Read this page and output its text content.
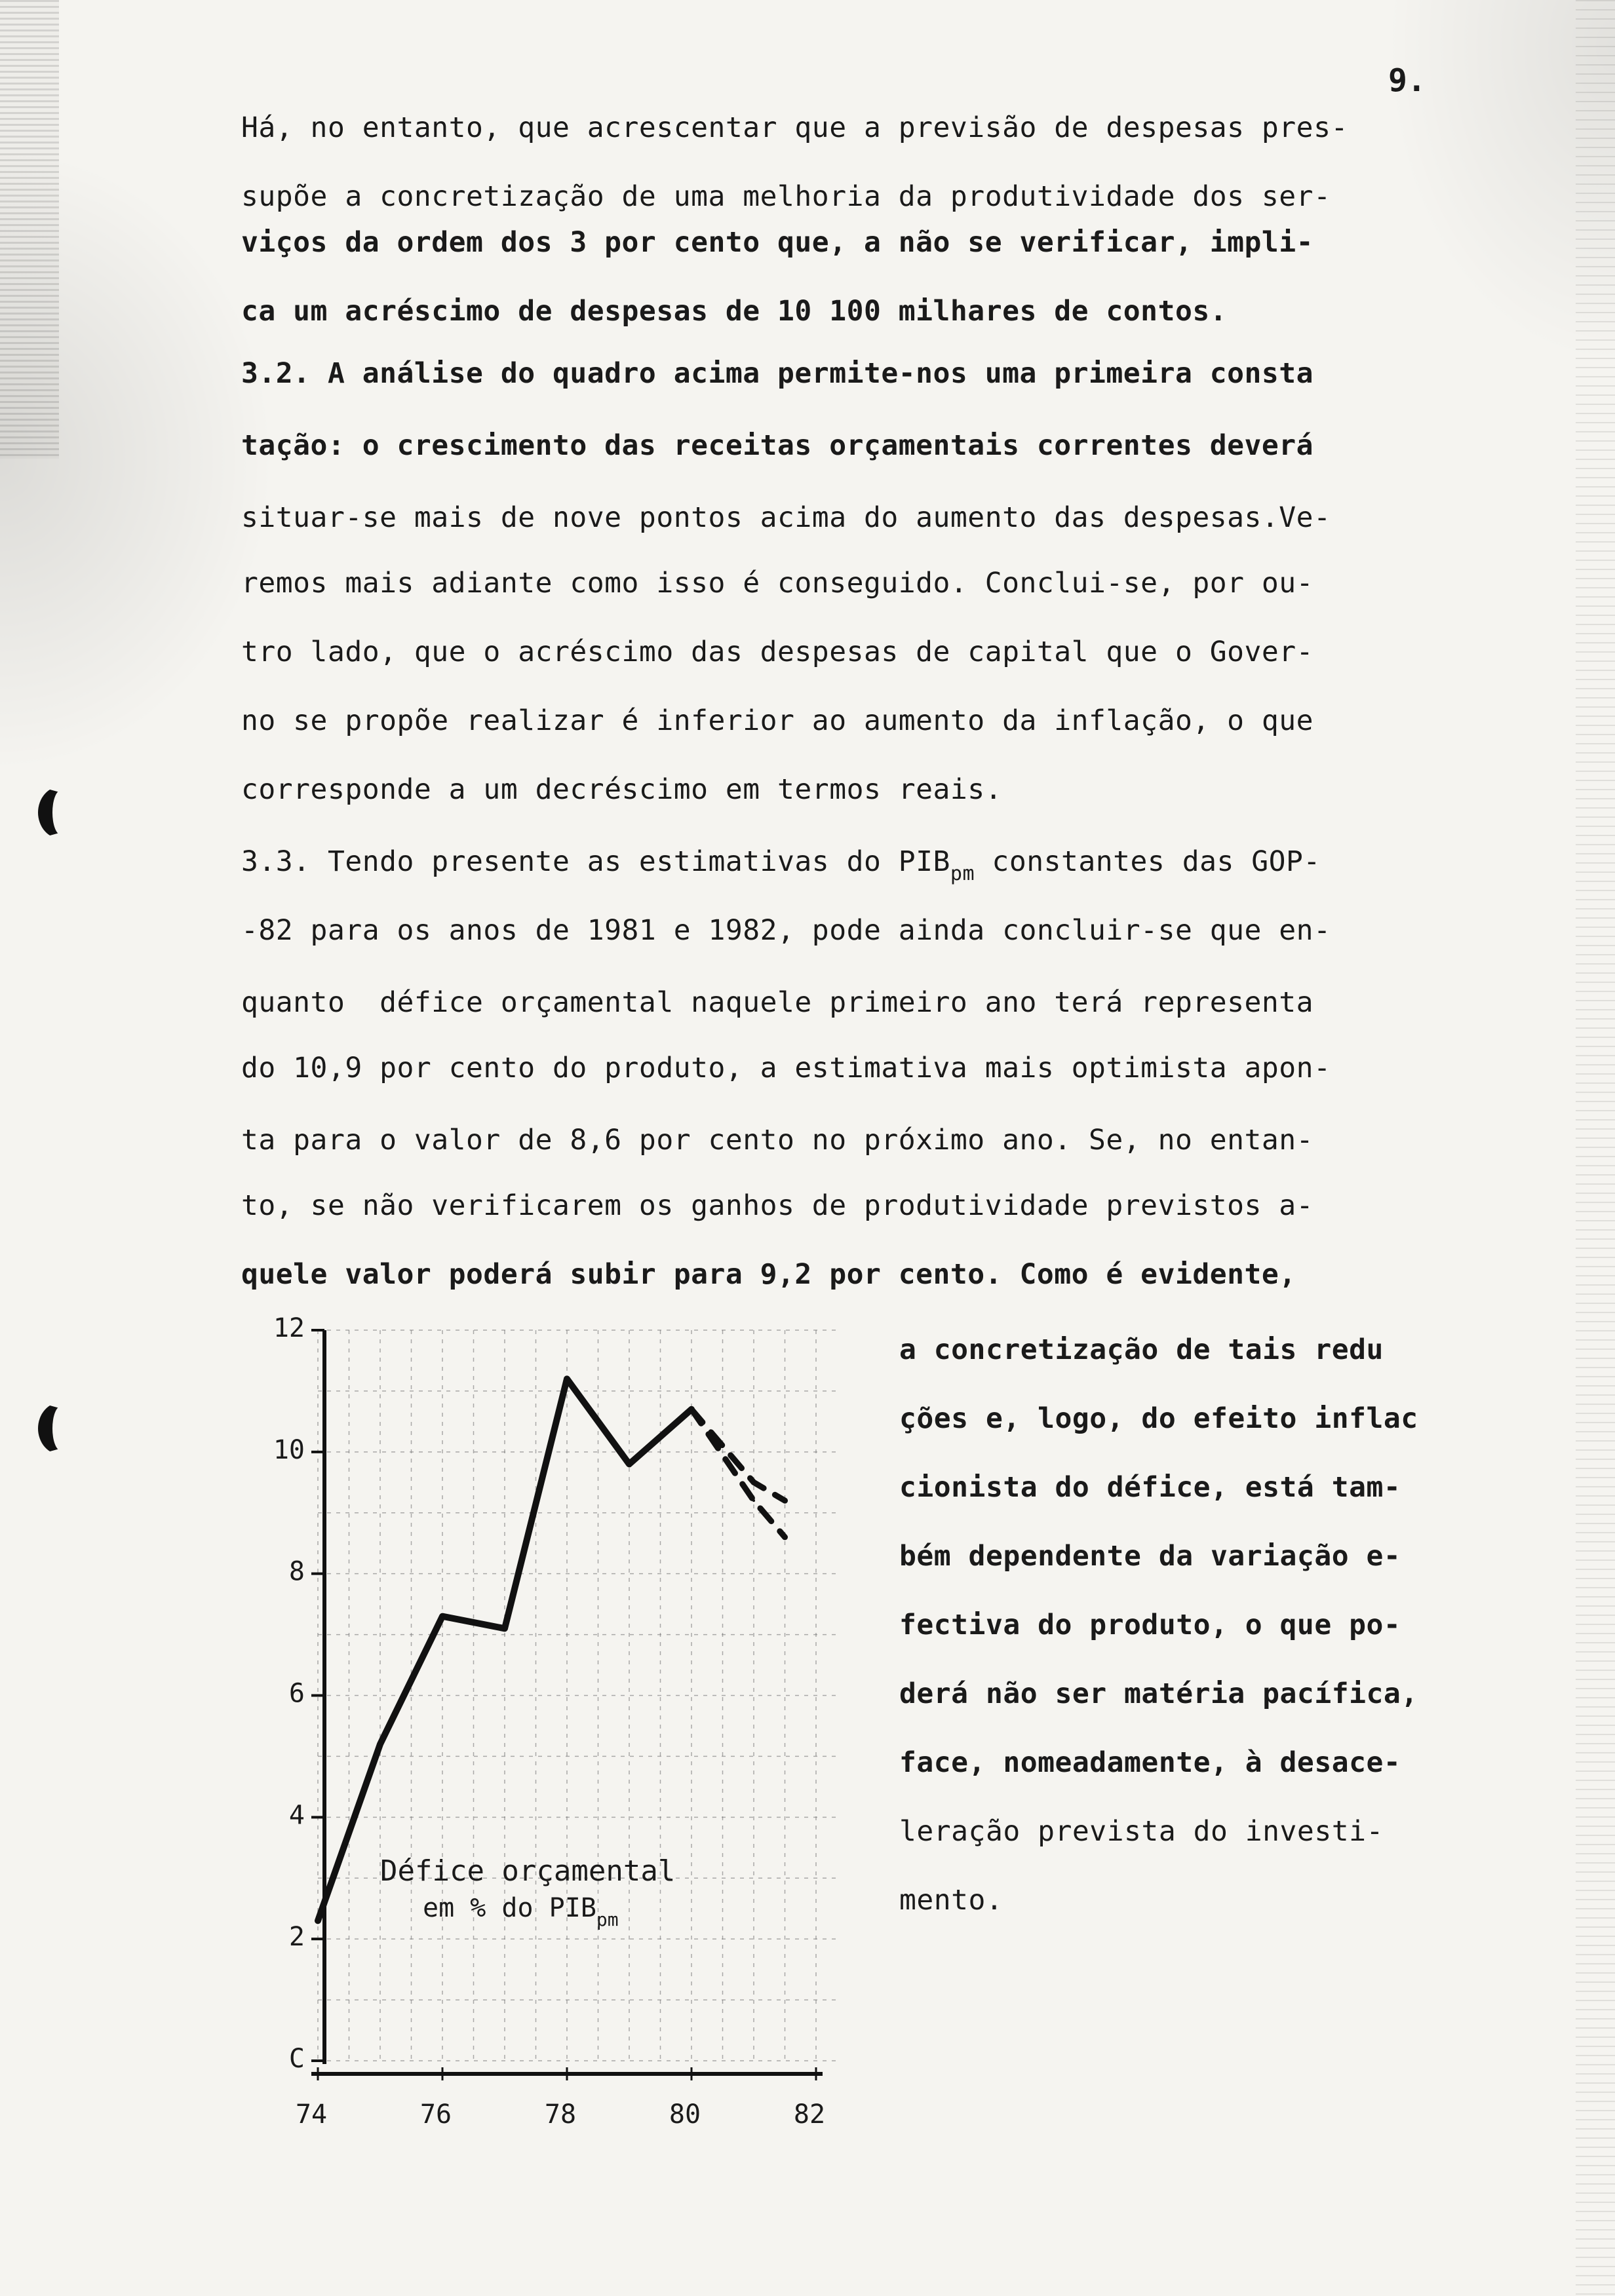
9.
Há, no entanto, que acrescentar que a previsão de despesas pres-
supõe a concretização de uma melhoria da produtividade dos ser-
viços da ordem dos 3 por cento que, a não se verificar, impli-
ca um acréscimo de despesas de 10 100 milhares de contos.
3.2. A análise do quadro acima permite-nos uma primeira consta
tação: o crescimento das receitas orçamentais correntes deverá
situar-se mais de nove pontos acima do aumento das despesas.Ve-
remos mais adiante como isso é conseguido. Conclui-se, por ou-
tro lado, que o acréscimo das despesas de capital que o Gover-
no se propõe realizar é inferior ao aumento da inflação, o que
corresponde a um decréscimo em termos reais.
3.3. Tendo presente as estimativas do $PIB_{pm}$ constantes das GOP-
-82 para os anos de 1981 e 1982, pode ainda concluir-se que en-
quanto  défice orçamental naquele primeiro ano terá representa
do 10,9 por cento do produto, a estimativa mais optimista apon-
ta para o valor de 8,6 por cento no próximo ano. Se, no entan-
to, se não verificarem os ganhos de produtividade previstos a-
quele valor poderá subir para 9,2 por cento. Como é evidente,
a concretização de tais redu
ções e, logo, do efeito inflac
cionista do défice, está tam-
bém dependente da variação e-
fectiva do produto, o que po-
derá não ser matéria pacífica,
face, nomeadamente, à desace-
leração prevista do investi-
mento.
C
2
4
6
8
10
12
74	76	78	80	82
Défice orçamental
em % do $PIB_{pm}$
